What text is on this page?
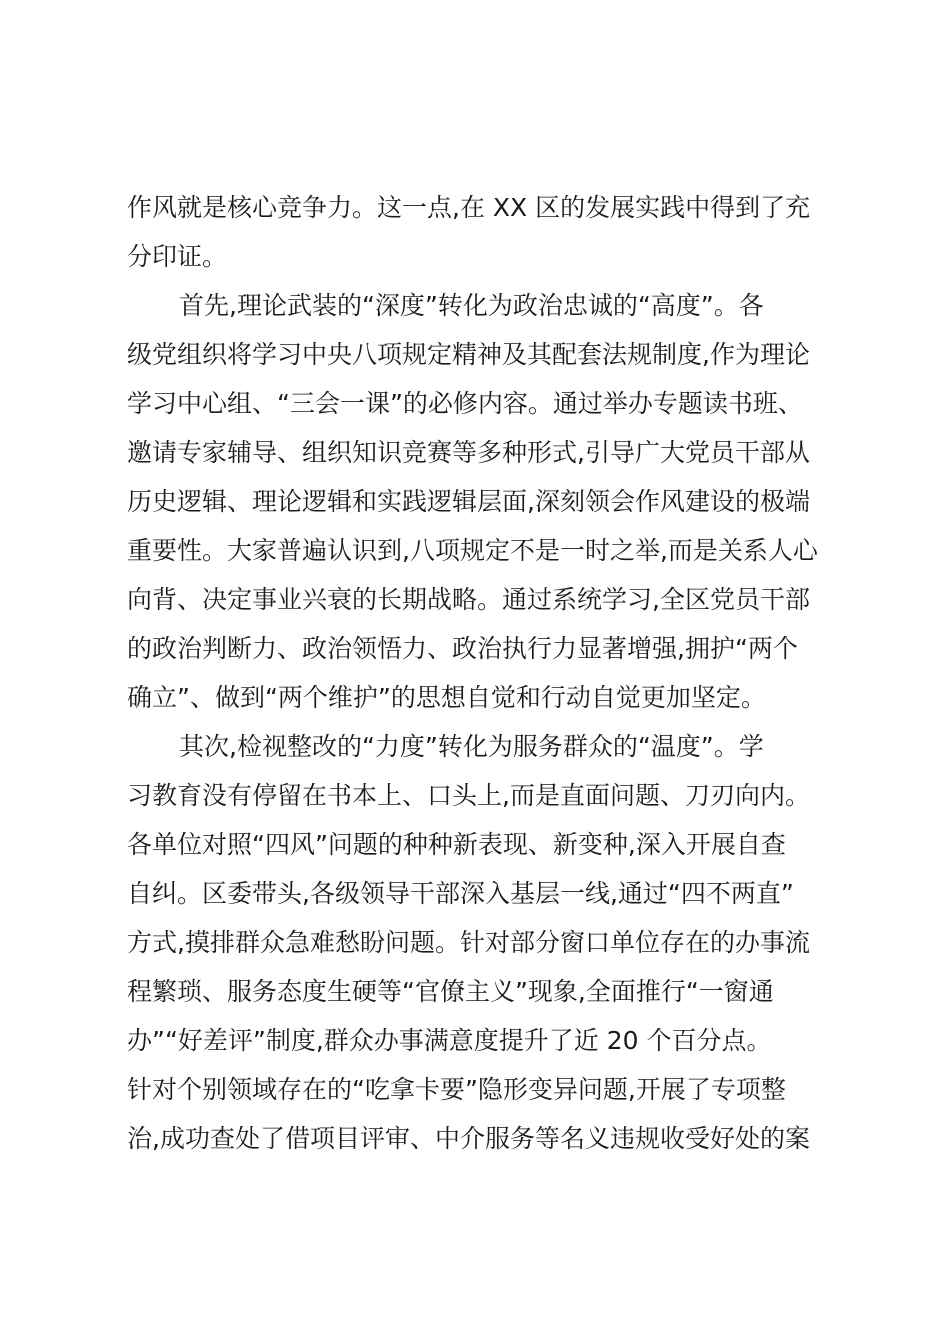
作风就是核心竞争力。这一点,在 XX 区的发展实践中得到了充
分印证。
首先,理论武装的“深度”转化为政治忠诚的“高度”。各
级党组织将学习中央八项规定精神及其配套法规制度,作为理论
学习中心组、“三会一课”的必修内容。通过举办专题读书班、
邀请专家辅导、组织知识竞赛等多种形式,引导广大党员干部从
历史逻辑、理论逻辑和实践逻辑层面,深刻领会作风建设的极端
重要性。大家普遍认识到,八项规定不是一时之举,而是关系人心
向背、决定事业兴衰的长期战略。通过系统学习,全区党员干部
的政治判断力、政治领悟力、政治执行力显著增强,拥护“两个
确立”、做到“两个维护”的思想自觉和行动自觉更加坚定。
其次,检视整改的“力度”转化为服务群众的“温度”。学
习教育没有停留在书本上、口头上,而是直面问题、刀刃向内。
各单位对照“四风”问题的种种新表现、新变种,深入开展自查
自纠。区委带头,各级领导干部深入基层一线,通过“四不两直”
方式,摸排群众急难愁盼问题。针对部分窗口单位存在的办事流
程繁琐、服务态度生硬等“官僚主义”现象,全面推行“一窗通
办”“好差评”制度,群众办事满意度提升了近 20 个百分点。
针对个别领域存在的“吃拿卡要”隐形变异问题,开展了专项整
治,成功查处了借项目评审、中介服务等名义违规收受好处的案
